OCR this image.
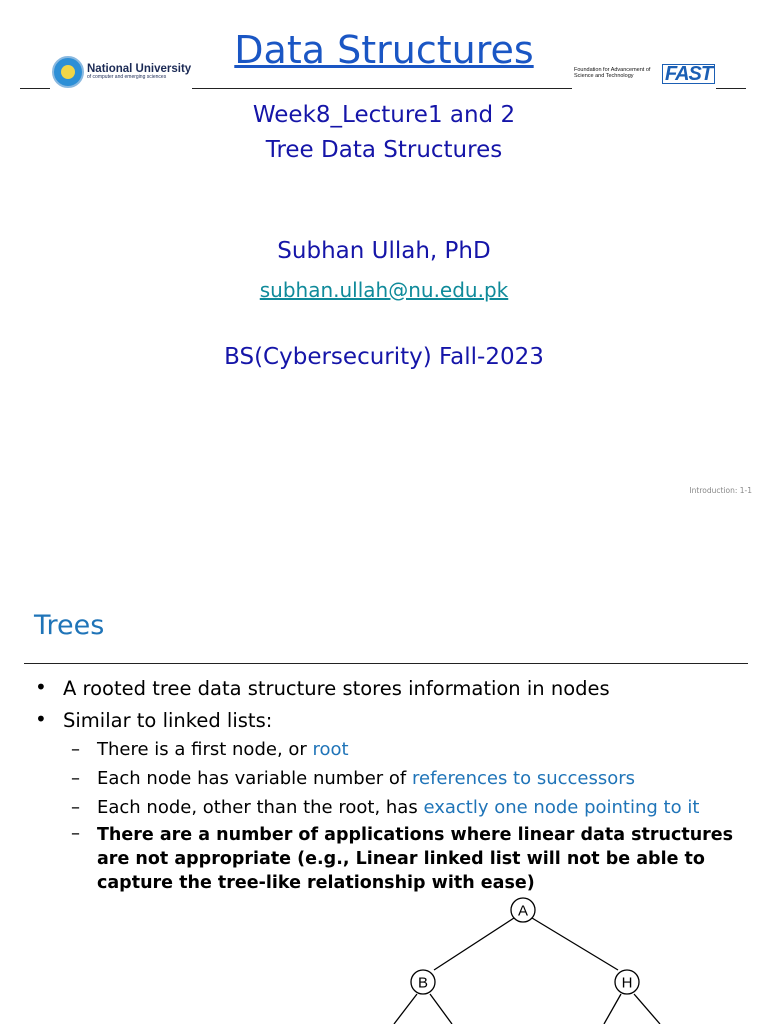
Data Structures
National University
of computer and emerging sciences
Foundation for Advancement of Science and Technology	FAST
Week8_Lecture1 and 2
Tree Data Structures
Subhan Ullah, PhD
subhan.ullah@nu.edu.pk
BS(Cybersecurity) Fall-2023
Introduction: 1-1
Trees
• A rooted tree data structure stores information in nodes
• Similar to linked lists:
– There is a first node, or root
– Each node has variable number of references to successors
– Each node, other than the root, has exactly one node pointing to it
– There are a number of applications where linear data structures are not appropriate (e.g., Linear linked list will not be able to capture the tree-like relationship with ease)
A
B	H
